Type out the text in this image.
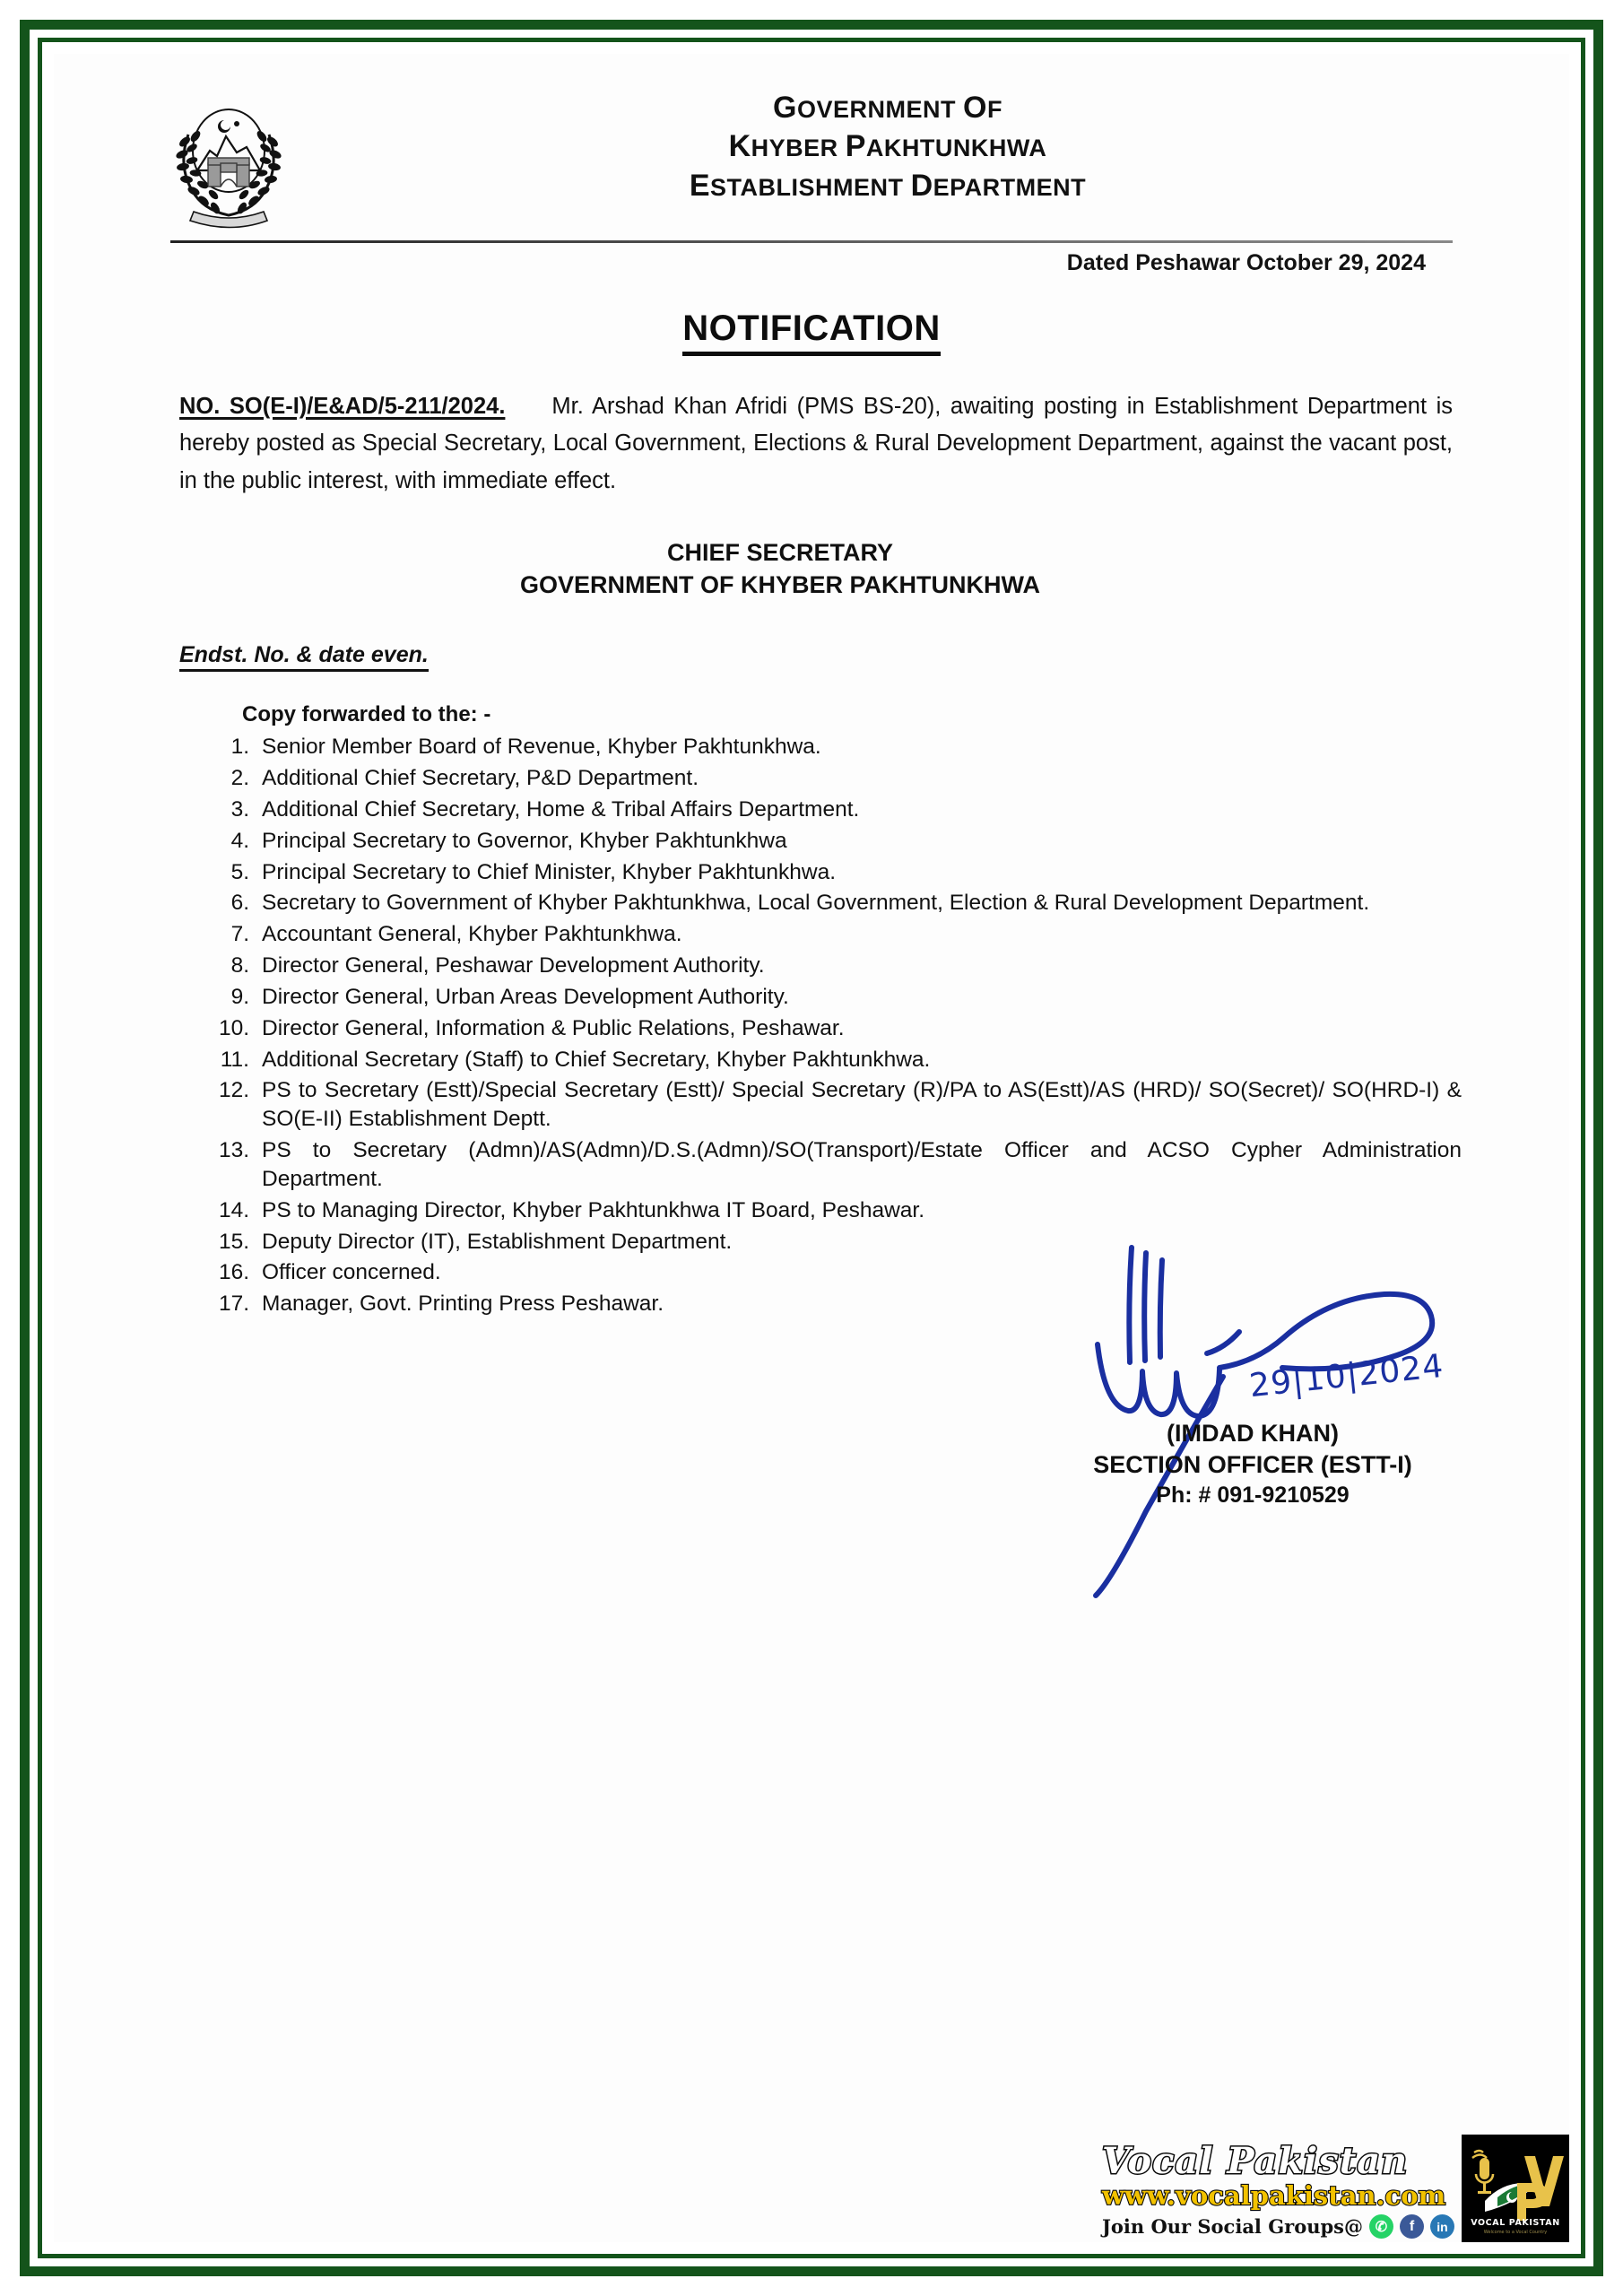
GOVERNMENT OF
KHYBER PAKHTUNKHWA
ESTABLISHMENT DEPARTMENT
Dated Peshawar October 29, 2024
NOTIFICATION
NO. SO(E-I)/E&AD/5-211/2024. Mr. Arshad Khan Afridi (PMS BS-20), awaiting posting in Establishment Department is hereby posted as Special Secretary, Local Government, Elections & Rural Development Department, against the vacant post, in the public interest, with immediate effect.
CHIEF SECRETARY
GOVERNMENT OF KHYBER PAKHTUNKHWA
Endst. No. & date even.
Copy forwarded to the: -
1. Senior Member Board of Revenue, Khyber Pakhtunkhwa.
2. Additional Chief Secretary, P&D Department.
3. Additional Chief Secretary, Home & Tribal Affairs Department.
4. Principal Secretary to Governor, Khyber Pakhtunkhwa
5. Principal Secretary to Chief Minister, Khyber Pakhtunkhwa.
6. Secretary to Government of Khyber Pakhtunkhwa, Local Government, Election & Rural Development Department.
7. Accountant General, Khyber Pakhtunkhwa.
8. Director General, Peshawar Development Authority.
9. Director General, Urban Areas Development Authority.
10. Director General, Information & Public Relations, Peshawar.
11. Additional Secretary (Staff) to Chief Secretary, Khyber Pakhtunkhwa.
12. PS to Secretary (Estt)/Special Secretary (Estt)/ Special Secretary (R)/PA to AS(Estt)/AS (HRD)/ SO(Secret)/ SO(HRD-I) & SO(E-II) Establishment Deptt.
13. PS to Secretary (Admn)/AS(Admn)/D.S.(Admn)/SO(Transport)/Estate Officer and ACSO Cypher Administration Department.
14. PS to Managing Director, Khyber Pakhtunkhwa IT Board, Peshawar.
15. Deputy Director (IT), Establishment Department.
16. Officer concerned.
17. Manager, Govt. Printing Press Peshawar.
29|10|2024
(IMDAD KHAN)
SECTION OFFICER (ESTT-I)
Ph: # 091-9210529
Vocal Pakistan
www.vocalpakistan.com
Join Our Social Groups@ ✆	f	in	VOCAL PAKISTAN
Welcome to a Vocal Country
